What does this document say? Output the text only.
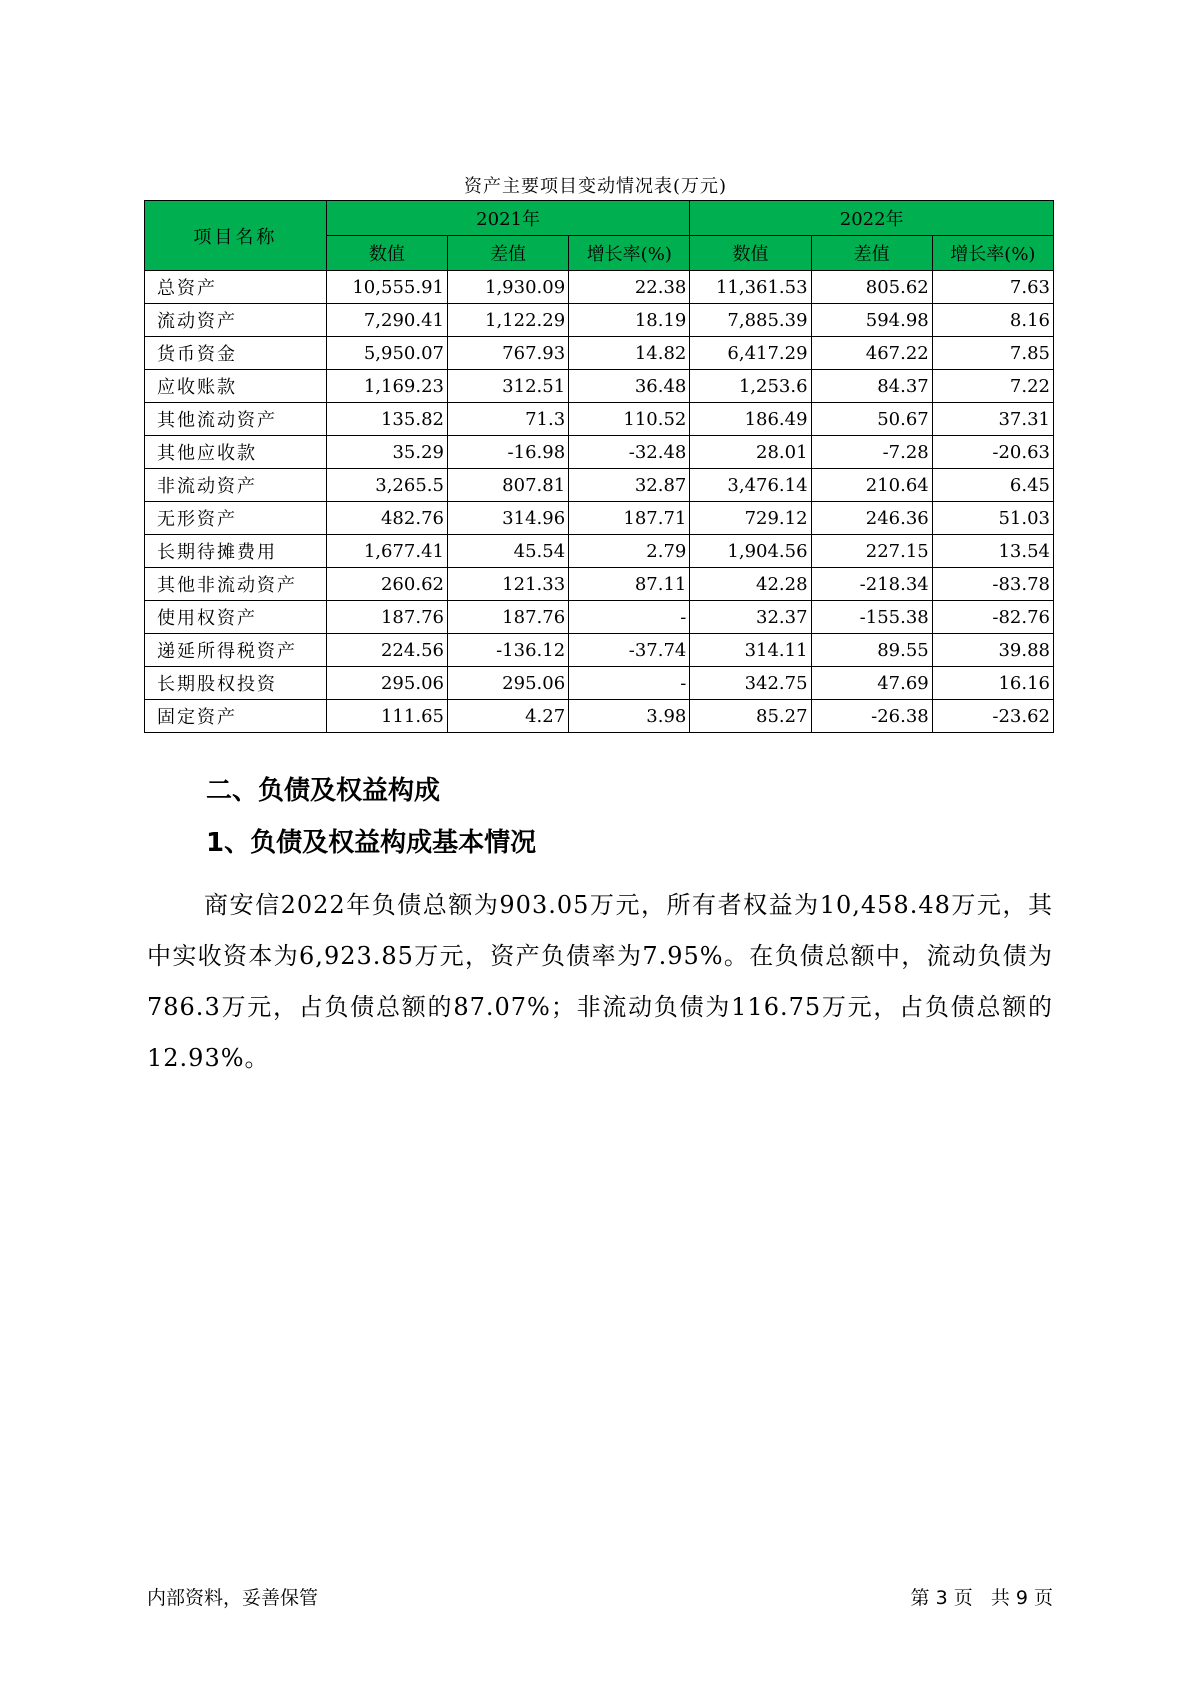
资产主要项目变动情况表(万元)
项目名称	2021年			2022年		
	数值	差值	增长率(%)	数值	差值	增长率(%)
总资产	10,555.91	1,930.09	22.38	11,361.53	805.62	7.63
流动资产	7,290.41	1,122.29	18.19	7,885.39	594.98	8.16
货币资金	5,950.07	767.93	14.82	6,417.29	467.22	7.85
应收账款	1,169.23	312.51	36.48	1,253.6	84.37	7.22
其他流动资产	135.82	71.3	110.52	186.49	50.67	37.31
其他应收款	35.29	-16.98	-32.48	28.01	-7.28	-20.63
非流动资产	3,265.5	807.81	32.87	3,476.14	210.64	6.45
无形资产	482.76	314.96	187.71	729.12	246.36	51.03
长期待摊费用	1,677.41	45.54	2.79	1,904.56	227.15	13.54
其他非流动资产	260.62	121.33	87.11	42.28	-218.34	-83.78
使用权资产	187.76	187.76	-	32.37	-155.38	-82.76
递延所得税资产	224.56	-136.12	-37.74	314.11	89.55	39.88
长期股权投资	295.06	295.06	-	342.75	47.69	16.16
固定资产	111.65	4.27	3.98	85.27	-26.38	-23.62
二、负债及权益构成
1、负债及权益构成基本情况
商安信2022年负债总额为903.05万元，所有者权益为10,458.48万元，其中实收资本为6,923.85万元，资产负债率为7.95%。在负债总额中，流动负债为786.3万元，占负债总额的87.07%；非流动负债为116.75万元，占负债总额的12.93%。
内部资料，妥善保管	第 3 页   共 9 页
